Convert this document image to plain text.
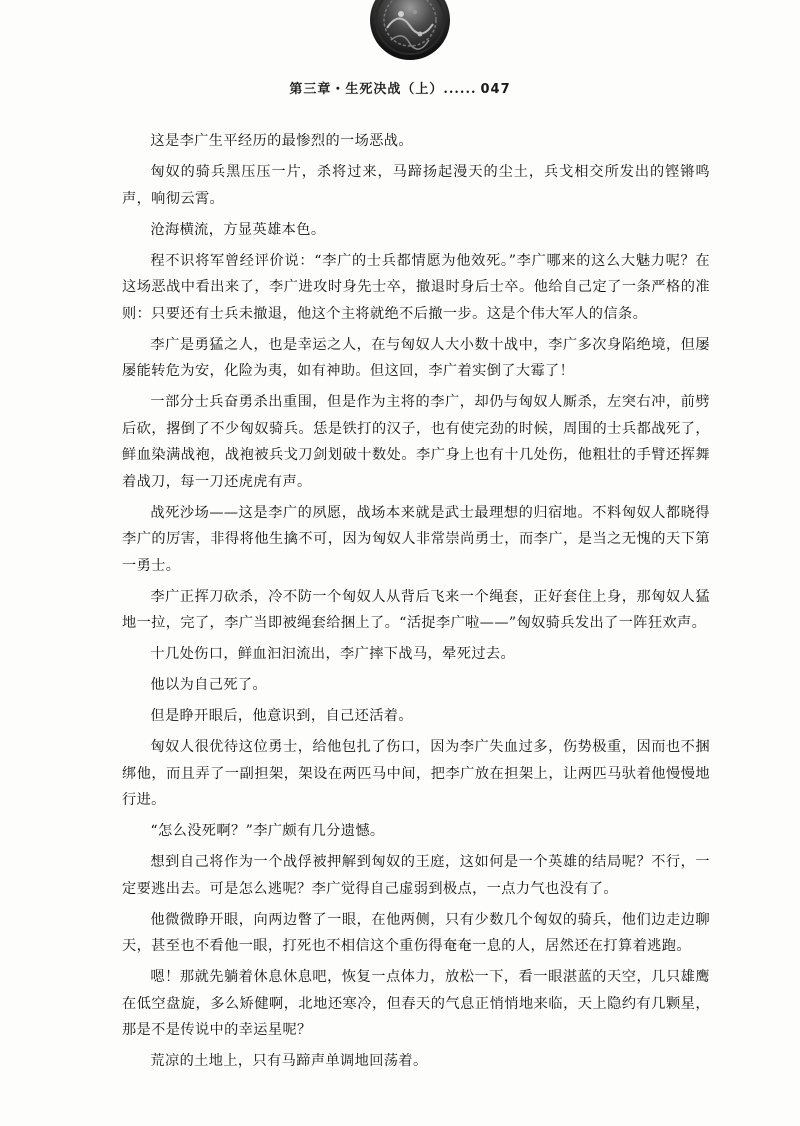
第三章・生死决战（上）...... 047

这是李广生平经历的最惨烈的一场恶战。

匈奴的骑兵黑压压一片，杀将过来，马蹄扬起漫天的尘土，兵戈相交所发出的铿锵鸣声，响彻云霄。

沧海横流，方显英雄本色。

程不识将军曾经评价说：“李广的士兵都情愿为他效死。”李广哪来的这么大魅力呢？在这场恶战中看出来了，李广进攻时身先士卒，撤退时身后士卒。他给自己定了一条严格的准则：只要还有士兵未撤退，他这个主将就绝不后撤一步。这是个伟大军人的信条。

李广是勇猛之人，也是幸运之人，在与匈奴人大小数十战中，李广多次身陷绝境，但屡屡能转危为安，化险为夷，如有神助。但这回，李广着实倒了大霉了！

一部分士兵奋勇杀出重围，但是作为主将的李广，却仍与匈奴人厮杀，左突右冲，前劈后砍，撂倒了不少匈奴骑兵。恁是铁打的汉子，也有使完劲的时候，周围的士兵都战死了，鲜血染满战袍，战袍被兵戈刀剑划破十数处。李广身上也有十几处伤，他粗壮的手臂还挥舞着战刀，每一刀还虎虎有声。

战死沙场——这是李广的夙愿，战场本来就是武士最理想的归宿地。不料匈奴人都晓得李广的厉害，非得将他生擒不可，因为匈奴人非常崇尚勇士，而李广，是当之无愧的天下第一勇士。

李广正挥刀砍杀，冷不防一个匈奴人从背后飞来一个绳套，正好套住上身，那匈奴人猛地一拉，完了，李广当即被绳套给捆上了。“活捉李广啦——”匈奴骑兵发出了一阵狂欢声。

十几处伤口，鲜血汩汩流出，李广摔下战马，晕死过去。

他以为自己死了。

但是睁开眼后，他意识到，自己还活着。

匈奴人很优待这位勇士，给他包扎了伤口，因为李广失血过多，伤势极重，因而也不捆绑他，而且弄了一副担架，架设在两匹马中间，把李广放在担架上，让两匹马驮着他慢慢地行进。

“怎么没死啊？”李广颇有几分遗憾。

想到自己将作为一个战俘被押解到匈奴的王庭，这如何是一个英雄的结局呢？不行，一定要逃出去。可是怎么逃呢？李广觉得自己虚弱到极点，一点力气也没有了。

他微微睁开眼，向两边瞥了一眼，在他两侧，只有少数几个匈奴的骑兵，他们边走边聊天，甚至也不看他一眼，打死也不相信这个重伤得奄奄一息的人，居然还在打算着逃跑。

嗯！那就先躺着休息休息吧，恢复一点体力，放松一下，看一眼湛蓝的天空，几只雄鹰在低空盘旋，多么矫健啊，北地还寒冷，但春天的气息正悄悄地来临，天上隐约有几颗星，那是不是传说中的幸运星呢？

荒凉的土地上，只有马蹄声单调地回荡着。
